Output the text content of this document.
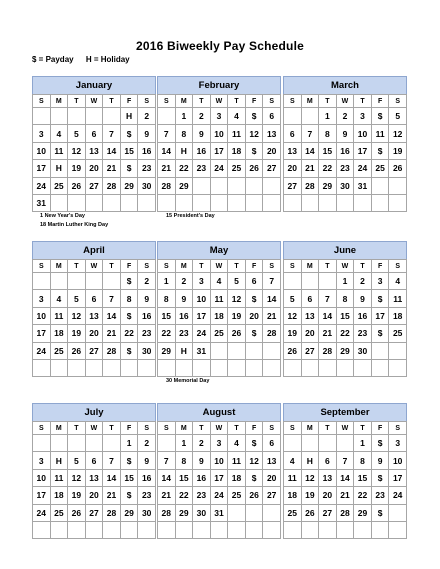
2016 Biweekly Pay Schedule
$ = Payday H = Holiday
January
S	M	T	W	T	F	S
					H	2
3	4	5	6	7	$	9
10	11	12	13	14	15	16
17	H	19	20	21	$	23
24	25	26	27	28	29	30
31						
February
S	M	T	W	T	F	S
	1	2	3	4	$	6
7	8	9	10	11	12	13
14	H	16	17	18	$	20
21	22	23	24	25	26	27
28	29					

March
S	M	T	W	T	F	S
		1	2	3	$	5
6	7	8	9	10	11	12
13	14	15	16	17	$	19
20	21	22	23	24	25	26
27	28	29	30	31		

April
S	M	T	W	T	F	S
					$	2
3	4	5	6	7	8	9
10	11	12	13	14	$	16
17	18	19	20	21	22	23
24	25	26	27	28	$	30

May
S	M	T	W	T	F	S
1	2	3	4	5	6	7
8	9	10	11	12	$	14
15	16	17	18	19	20	21
22	23	24	25	26	$	28
29	H	31				

June
S	M	T	W	T	F	S
			1	2	3	4
5	6	7	8	9	$	11
12	13	14	15	16	17	18
19	20	21	22	23	$	25
26	27	28	29	30		

July
S	M	T	W	T	F	S
					1	2
3	H	5	6	7	$	9
10	11	12	13	14	15	16
17	18	19	20	21	$	23
24	25	26	27	28	29	30

August
S	M	T	W	T	F	S
	1	2	3	4	$	6
7	8	9	10	11	12	13
14	15	16	17	18	$	20
21	22	23	24	25	26	27
28	29	30	31			

September
S	M	T	W	T	F	S
				1	$	3
4	H	6	7	8	9	10
11	12	13	14	15	$	17
18	19	20	21	22	23	24
25	26	27	28	29	$	

1 New Year's Day
18 Martin Luther King Day
15 President's Day
30 Memorial Day
